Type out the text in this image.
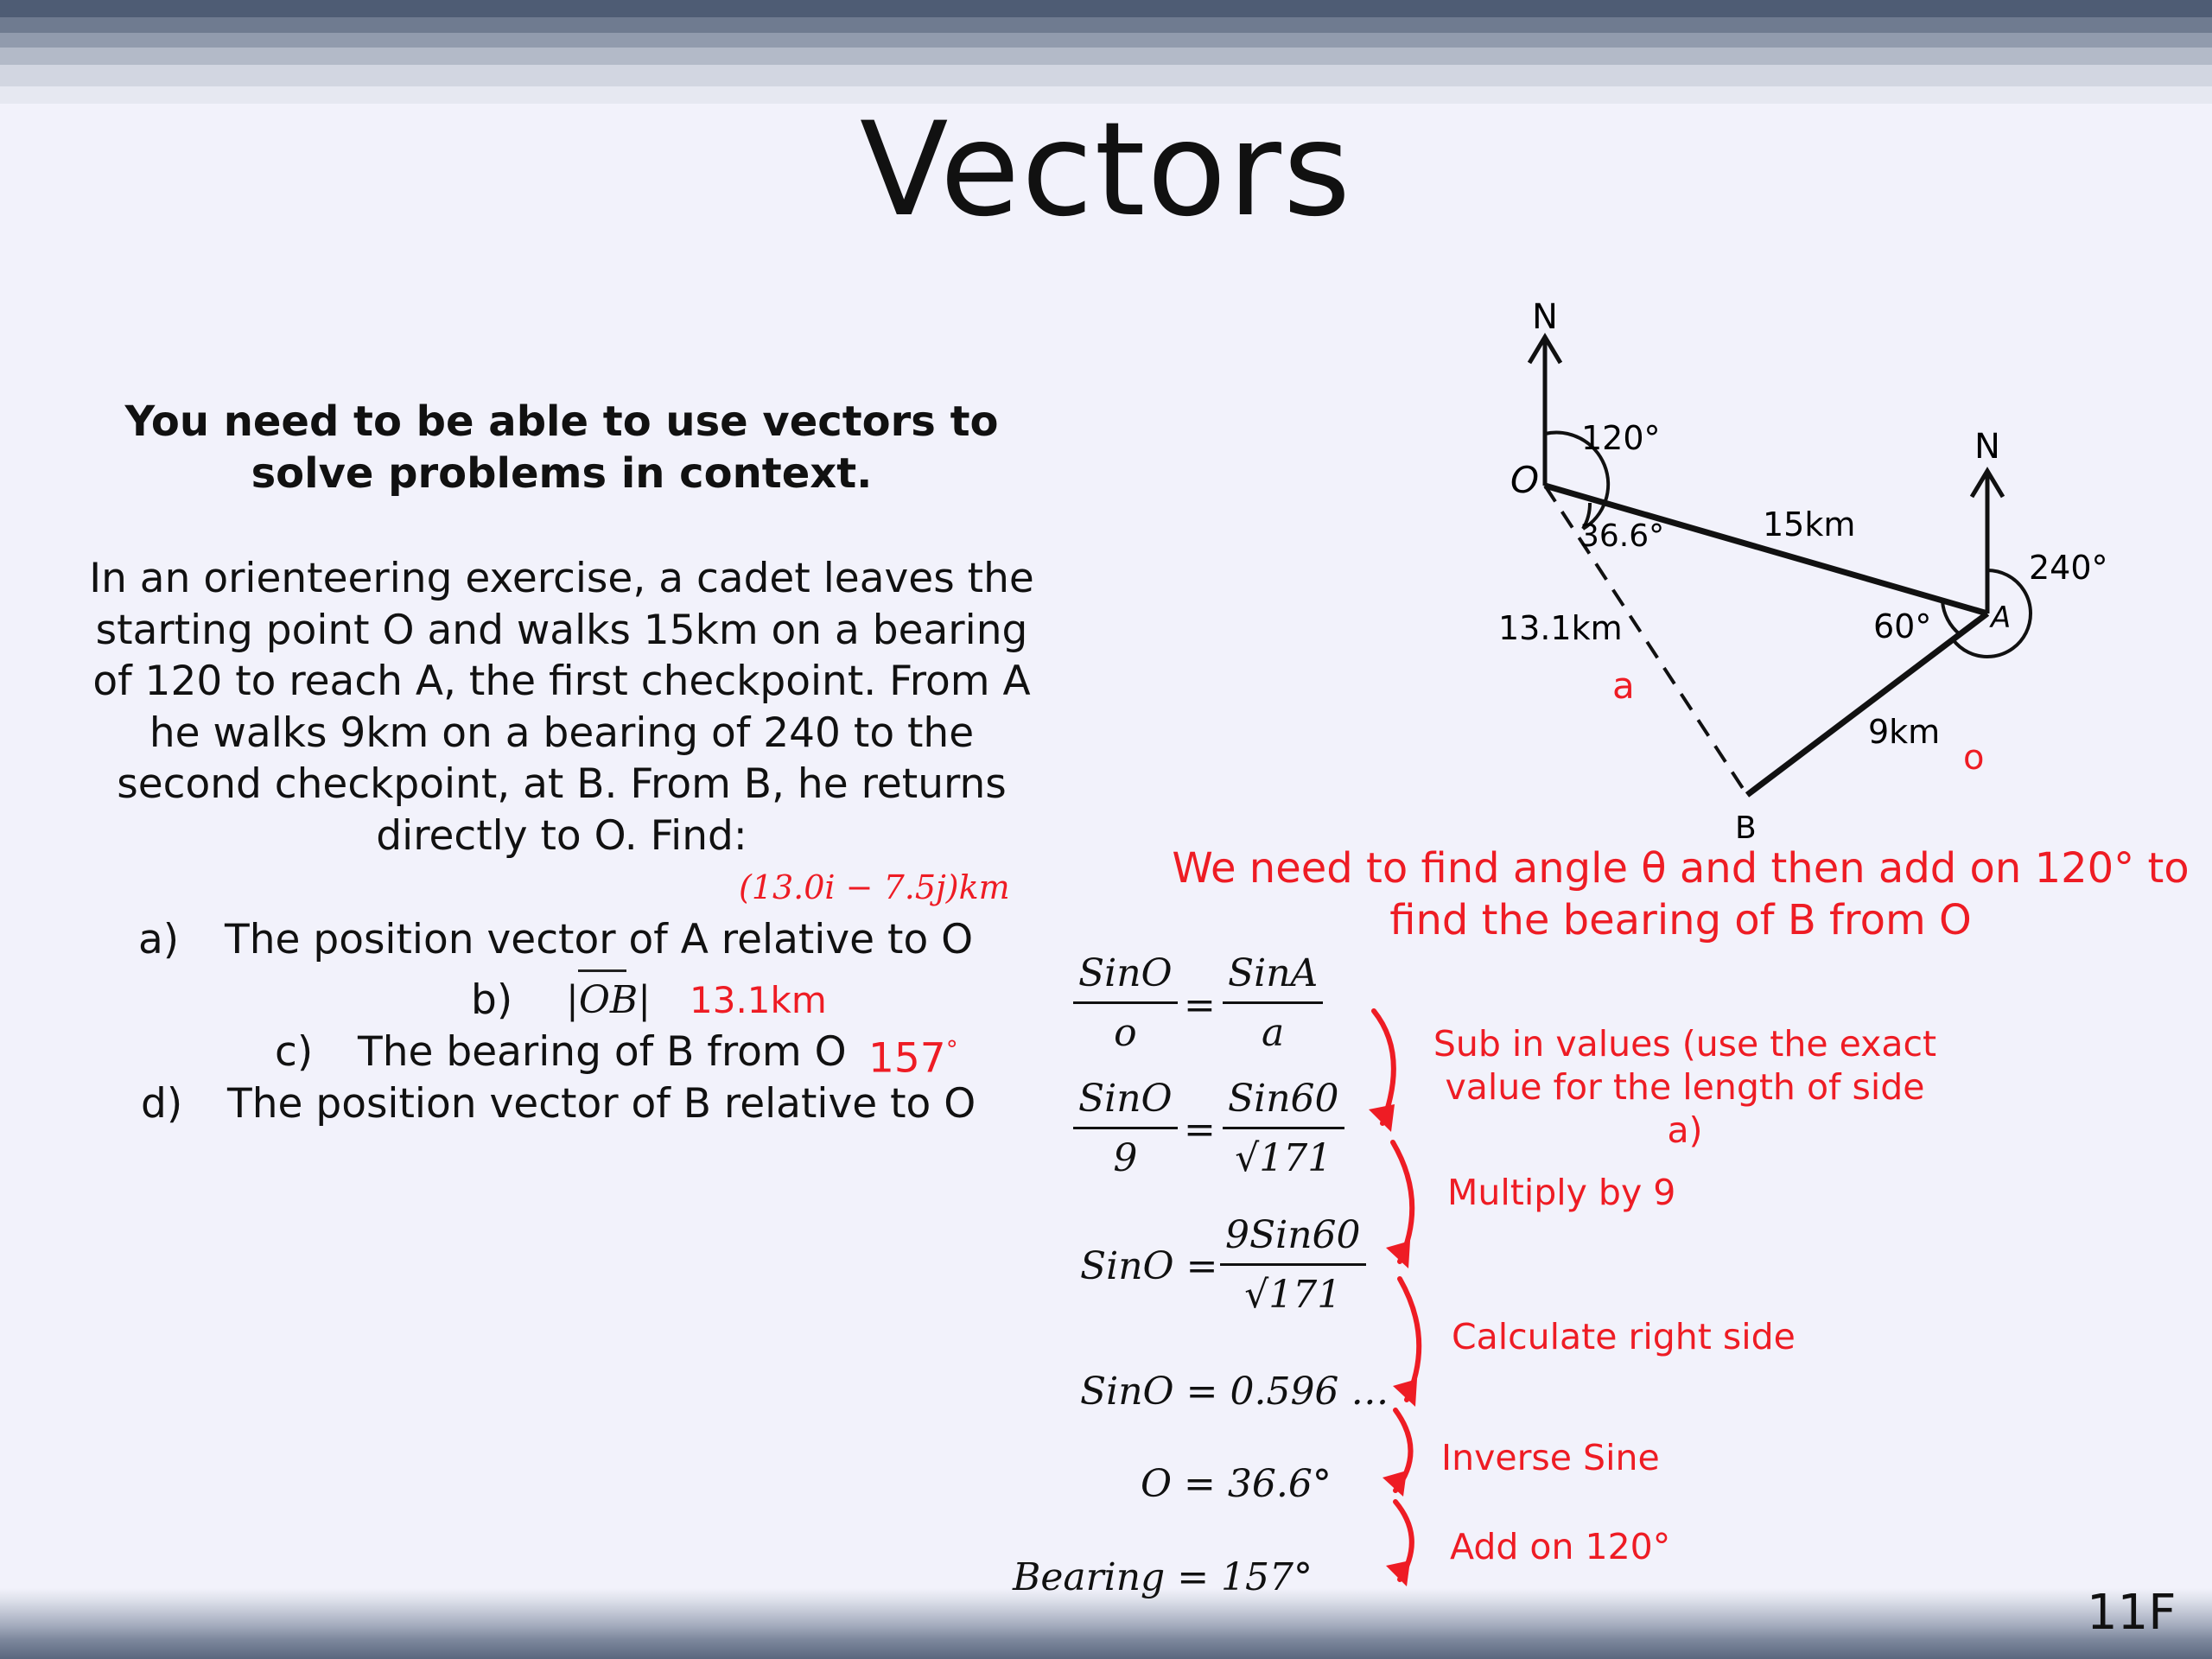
Vectors
You need to be able to use vectors to solve problems in context.
In an orienteering exercise, a cadet leaves the starting point O and walks 15km on a bearing of 120 to reach A, the first checkpoint. From A he walks 9km on a bearing of 240 to the second checkpoint, at B. From B, he returns directly to O. Find:
(13.0i − 7.5j)km
a) The position vector of A relative to O
b) |OB| 13.1km
c) The bearing of B from O 157°
d) The position vector of B relative to O
N
N
O
A
B
120°
240°
60°
36.6°	15km
13.1km
9km
a
o
We need to find angle θ and then add on 120° to find the bearing of B from O
SinO
o
=
SinA
a
SinO
9
=
Sin60
√171
SinO =
9Sin60
√171
SinO = 0.596 …
O = 36.6°
Bearing = 157°
Sub in values (use the exact value for the length of side a)
Multiply by 9
Calculate right side
Inverse Sine
Add on 120°
11F
